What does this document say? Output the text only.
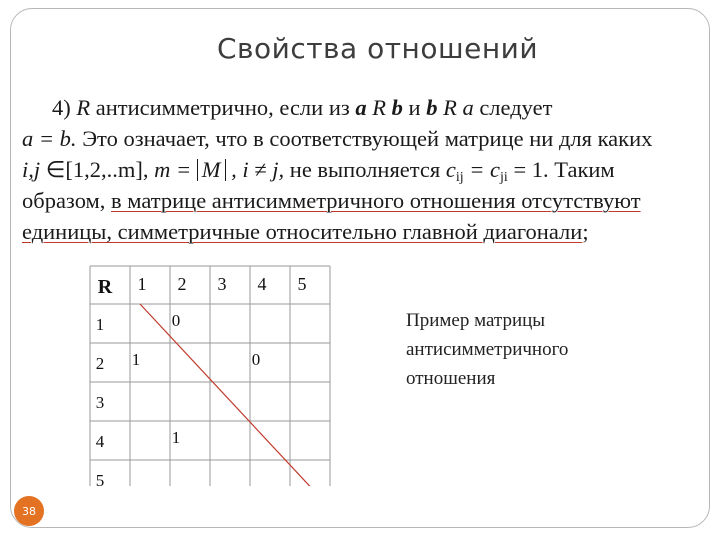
Свойства отношений
4) R антисимметрично, если из a R b и b R a следует
a = b. Это означает, что в соответствующей матрице ни для каких
i,j ∈[1,2,..m], m = M , i ≠ j, не выполняется $c_{ij} = c_{ji} = 1$. Таким
образом, в матрице антисимметричного отношения отсутствуют
единицы, симметричные относительно главной диагонали;
R 1 2 3 4 5
1
2
3
4
5
0
1	0
1
Пример матрицы антисимметричного отношения
38
